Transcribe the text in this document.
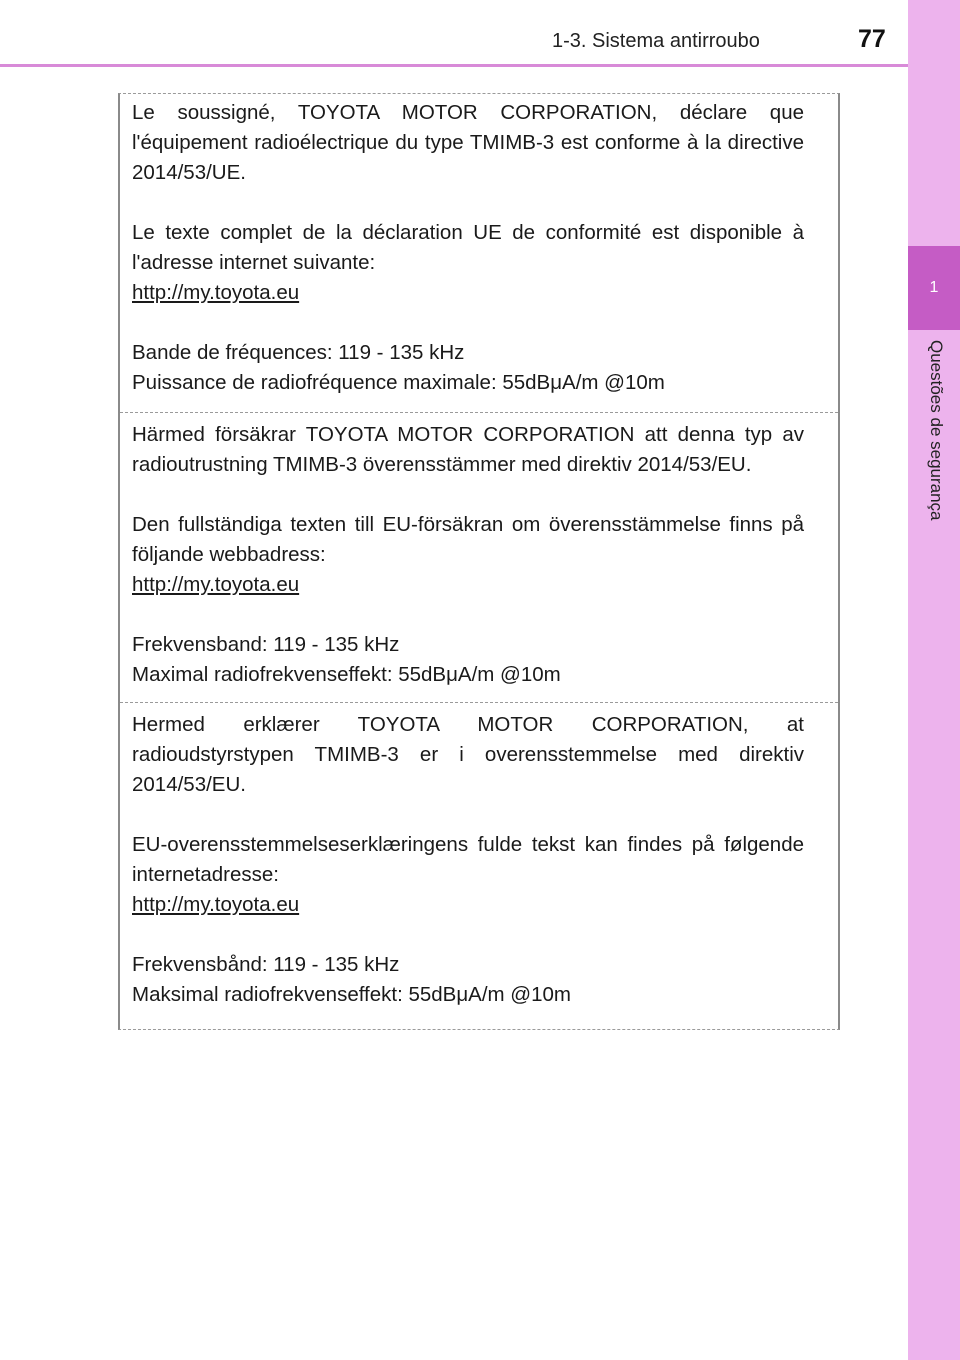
1-3. Sistema antirroubo	77
1
Questões de segurança

Le soussigné, TOYOTA MOTOR CORPORATION, déclare que l'équipement radioélectrique du type TMIMB-3 est conforme à la directive 2014/53/UE.

Le texte complet de la déclaration UE de conformité est disponible à l'adresse internet suivante:
http://my.toyota.eu

Bande de fréquences: 119 - 135 kHz
Puissance de radiofréquence maximale: 55dBμA/m @10m

Härmed försäkrar TOYOTA MOTOR CORPORATION att denna typ av radioutrustning TMIMB-3 överensstämmer med direktiv 2014/53/EU.

Den fullständiga texten till EU-försäkran om överensstämmelse finns på följande webbadress:
http://my.toyota.eu

Frekvensband: 119 - 135 kHz
Maximal radiofrekvenseffekt: 55dBμA/m @10m

Hermed erklærer TOYOTA MOTOR CORPORATION, at radioudstyrstypen TMIMB-3 er i overensstemmelse med direktiv 2014/53/EU.

EU-overensstemmelseserklæringens fulde tekst kan findes på følgende internetadresse:
http://my.toyota.eu

Frekvensbånd: 119 - 135 kHz
Maksimal radiofrekvenseffekt: 55dBμA/m @10m
